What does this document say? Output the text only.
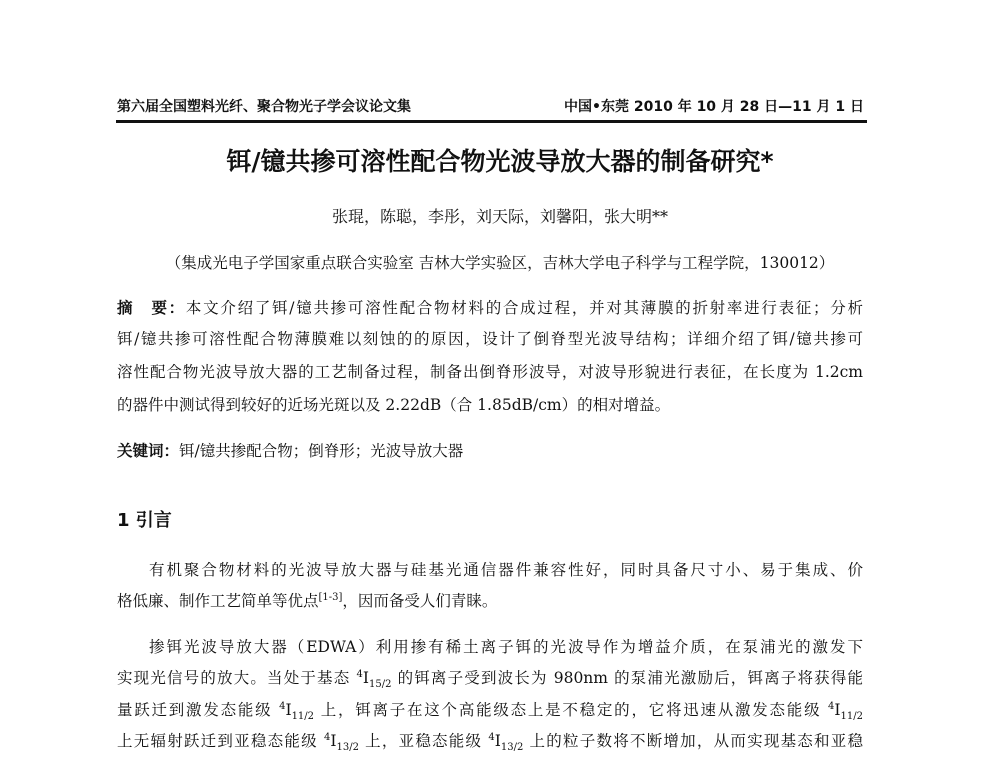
第六届全国塑料光纤、聚合物光子学会议论文集	中国•东莞 2010 年 10 月 28 日—11 月 1 日
铒/镱共掺可溶性配合物光波导放大器的制备研究*
张琨，陈聪，李彤，刘天际，刘馨阳，张大明**
（集成光电子学国家重点联合实验室 吉林大学实验区，吉林大学电子科学与工程学院，130012）
摘　要：本文介绍了铒/镱共掺可溶性配合物材料的合成过程，并对其薄膜的折射率进行表征；分析
铒/镱共掺可溶性配合物薄膜难以刻蚀的的原因，设计了倒脊型光波导结构；详细介绍了铒/镱共掺可
溶性配合物光波导放大器的工艺制备过程，制备出倒脊形波导，对波导形貌进行表征，在长度为 1.2cm
的器件中测试得到较好的近场光斑以及 2.22dB（合 1.85dB/cm）的相对增益。
关键词：铒/镱共掺配合物；倒脊形；光波导放大器
1 引言
有机聚合物材料的光波导放大器与硅基光通信器件兼容性好，同时具备尺寸小、易于集成、价
格低廉、制作工艺简单等优点[1-3]，因而备受人们青睐。
掺铒光波导放大器（EDWA）利用掺有稀土离子铒的光波导作为增益介质，在泵浦光的激发下
实现光信号的放大。当处于基态 $^4I_{15/2}$ 的铒离子受到波长为 980nm 的泵浦光激励后，铒离子将获得能
量跃迁到激发态能级 $^4I_{11/2}$ 上，铒离子在这个高能级态上是不稳定的，它将迅速从激发态能级 $^4I_{11/2}$
上无辐射跃迁到亚稳态能级 $^4I_{13/2}$ 上，亚稳态能级 $^4I_{13/2}$ 上的粒子数将不断增加，从而实现基态和亚稳
